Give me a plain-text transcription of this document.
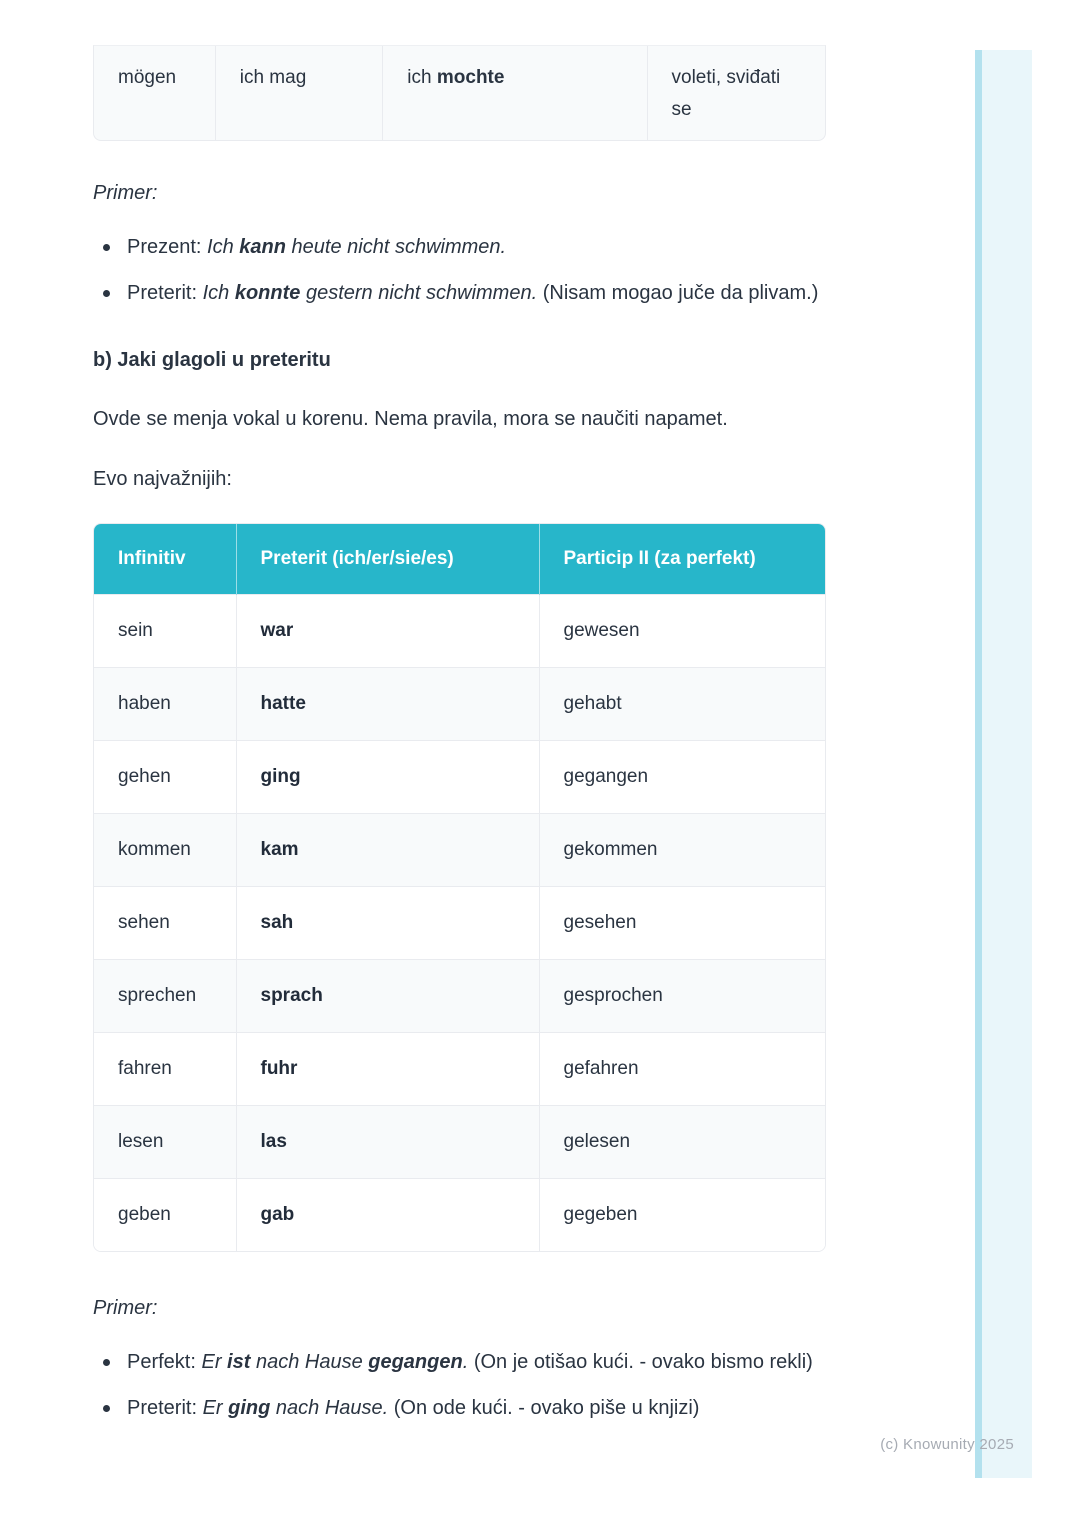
(c) Knowunity 2025
mögen	ich mag	ich mochte	voleti, sviđati se
Primer:
Prezent: Ich kann heute nicht schwimmen.
Preterit: Ich konnte gestern nicht schwimmen. (Nisam mogao juče da plivam.)
b) Jaki glagoli u preteritu

Ovde se menja vokal u korenu. Nema pravila, mora se naučiti napamet.

Evo najvažnijih:

Infinitiv	Preterit (ich/er/sie/es)	Particip II (za perfekt)
sein	war	gewesen
haben	hatte	gehabt
gehen	ging	gegangen
kommen	kam	gekommen
sehen	sah	gesehen
sprechen	sprach	gesprochen
fahren	fuhr	gefahren
lesen	las	gelesen
geben	gab	gegeben
Primer:
Perfekt: Er ist nach Hause gegangen. (On je otišao kući. - ovako bismo rekli)
Preterit: Er ging nach Hause. (On ode kući. - ovako piše u knjizi)
